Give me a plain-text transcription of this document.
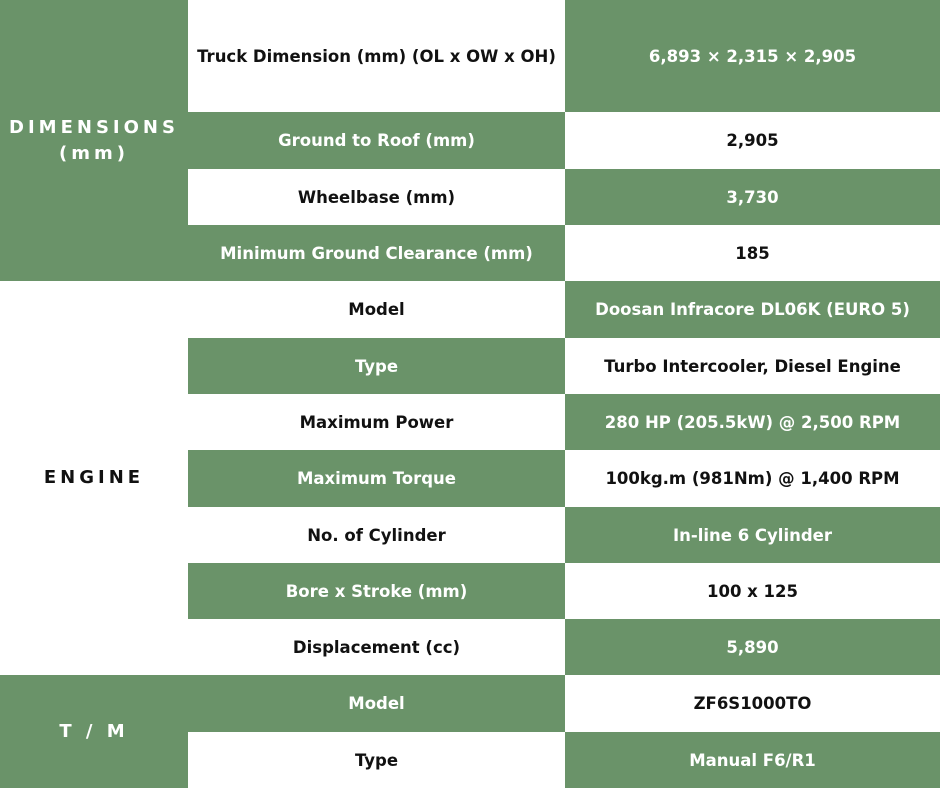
DIMENSIONS
(mm)
Truck Dimension (mm) (OL x OW x OH)	6,893 × 2,315 × 2,905
Ground to Roof (mm)	2,905
Wheelbase (mm)	3,730
Minimum Ground Clearance (mm)	185
ENGINE
Model	Doosan Infracore DL06K (EURO 5)
Type	Turbo Intercooler, Diesel Engine
Maximum Power	280 HP (205.5kW) @ 2,500 RPM
Maximum Torque	100kg.m (981Nm) @ 1,400 RPM
No. of Cylinder	In-line 6 Cylinder
Bore x Stroke (mm)	100 x 125
Displacement (cc)	5,890
T / M
Model	ZF6S1000TO
Type	Manual F6/R1
